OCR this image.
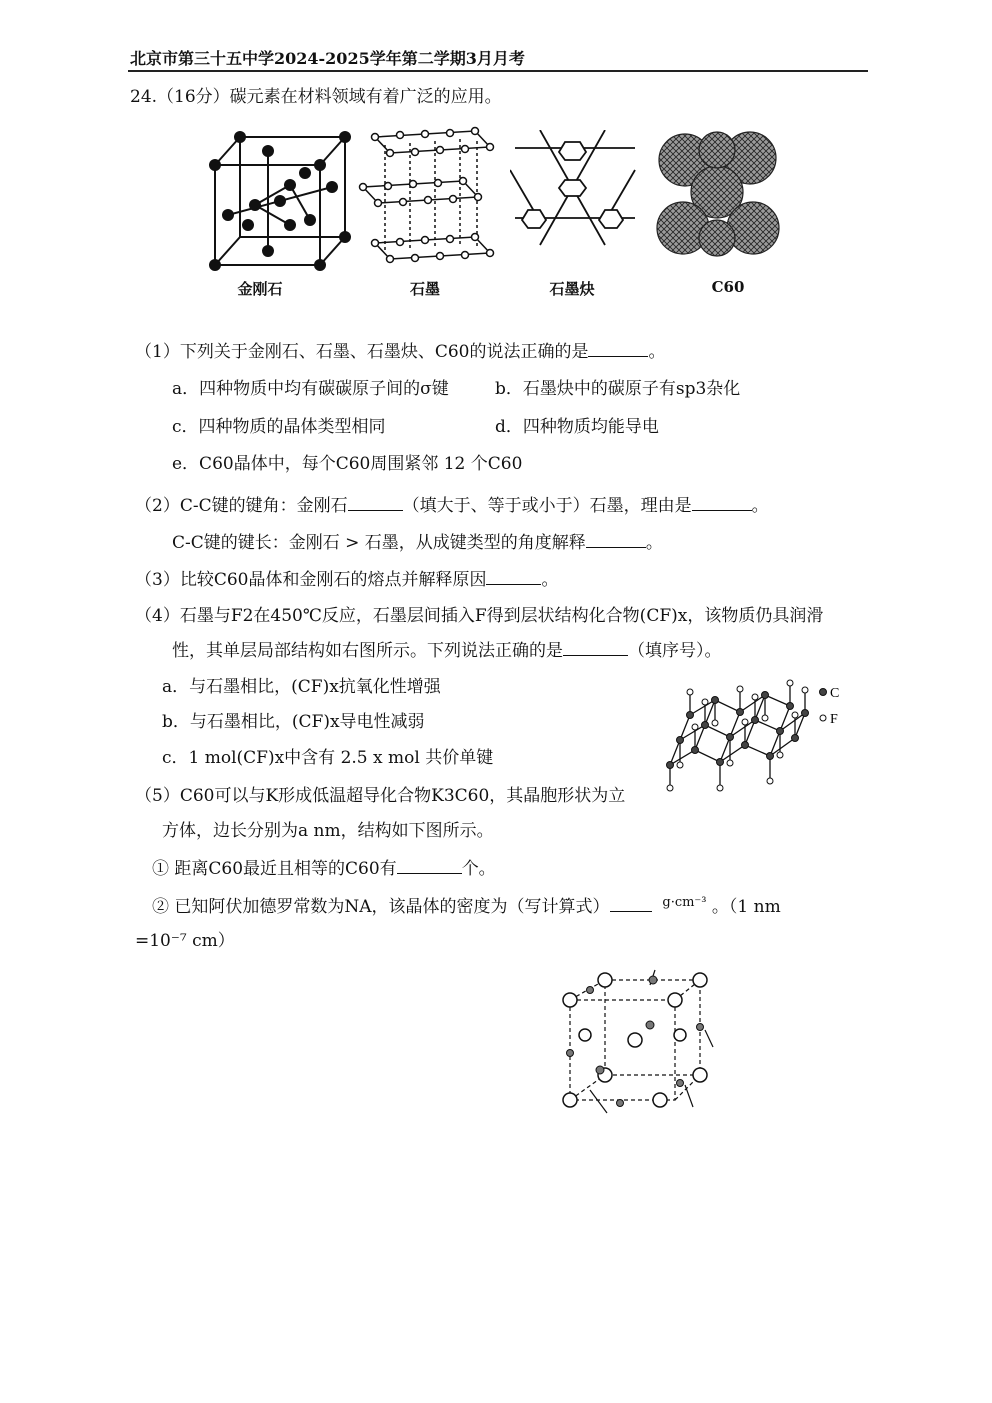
北京市第三十五中学2024-2025学年第二学期3月月考
24.（16分）碳元素在材料领域有着广泛的应用。
金刚石	石墨	石墨炔	C60
（1）下列关于金刚石、石墨、石墨炔、C60的说法正确的是	。
a．四种物质中均有碳碳原子间的σ键	b．石墨炔中的碳原子有sp3杂化
c．四种物质的晶体类型相同	d．四种物质均能导电
e．C60晶体中，每个C60周围紧邻 12 个C60
（2）C-C键的键角：金刚石	（填大于、等于或小于）石墨，理由是	。
C-C键的键长：金刚石 > 石墨，从成键类型的角度解释	。
（3）比较C60晶体和金刚石的熔点并解释原因	。
（4）石墨与F2在450℃反应，石墨层间插入F得到层状结构化合物(CF)x，该物质仍具润滑
性，其单层局部结构如右图所示。下列说法正确的是	（填序号）。
a．与石墨相比，(CF)x抗氧化性增强
b．与石墨相比，(CF)x导电性减弱
c．1 mol(CF)x中含有 2.5 x mol 共价单键
C
F
（5）C60可以与K形成低温超导化合物K3C60，其晶胞形状为立
方体，边长分别为a nm，结构如下图所示。
① 距离C60最近且相等的C60有	个。
② 已知阿伏加德罗常数为NA，该晶体的密度为（写计算式）	$^{g\cdot cm^{-3}}$ 。（1 nm
=10⁻⁷ cm）
